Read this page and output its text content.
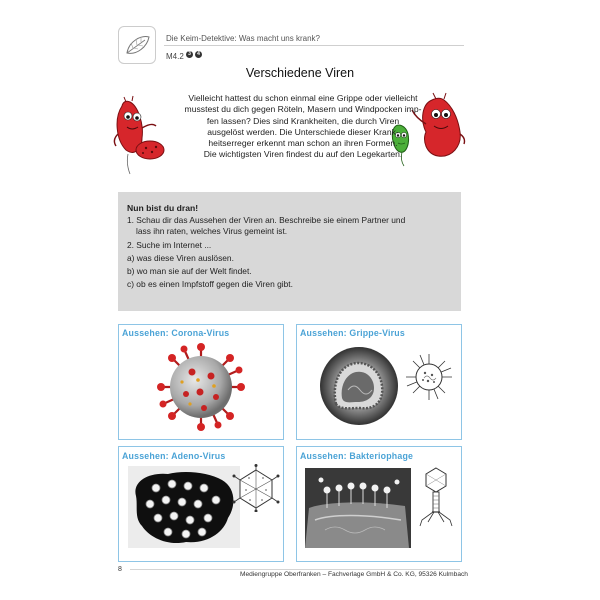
Die Keim-Detektive: Was macht uns krank?
M4.2 3	4
Verschiedene Viren

Vielleicht hattest du schon einmal eine Grippe oder vielleicht

musstest du dich gegen Röteln, Masern und Windpocken imp-

fen lassen? Dies sind Krankheiten, die durch Viren

ausgelöst werden. Die Unterschiede dieser Krank-

heitserreger erkennt man schon an ihren Formen.

Die wichtigsten Viren findest du auf den Legekarten.

Nun bist du dran!
1. Schau dir das Aussehen der Viren an. Beschreibe sie einem Partner und
lass ihn raten, welches Virus gemeint ist.
2. Suche im Internet ...
a) was diese Viren auslösen.
b) wo man sie auf der Welt findet.
c) ob es einen Impfstoff gegen die Viren gibt.
Aussehen: Corona-Virus	Aussehen: Grippe-Virus
Aussehen: Adeno-Virus	Aussehen: Bakteriophage
8
Mediengruppe Oberfranken – Fachverlage GmbH & Co. KG, 95326 Kulmbach
